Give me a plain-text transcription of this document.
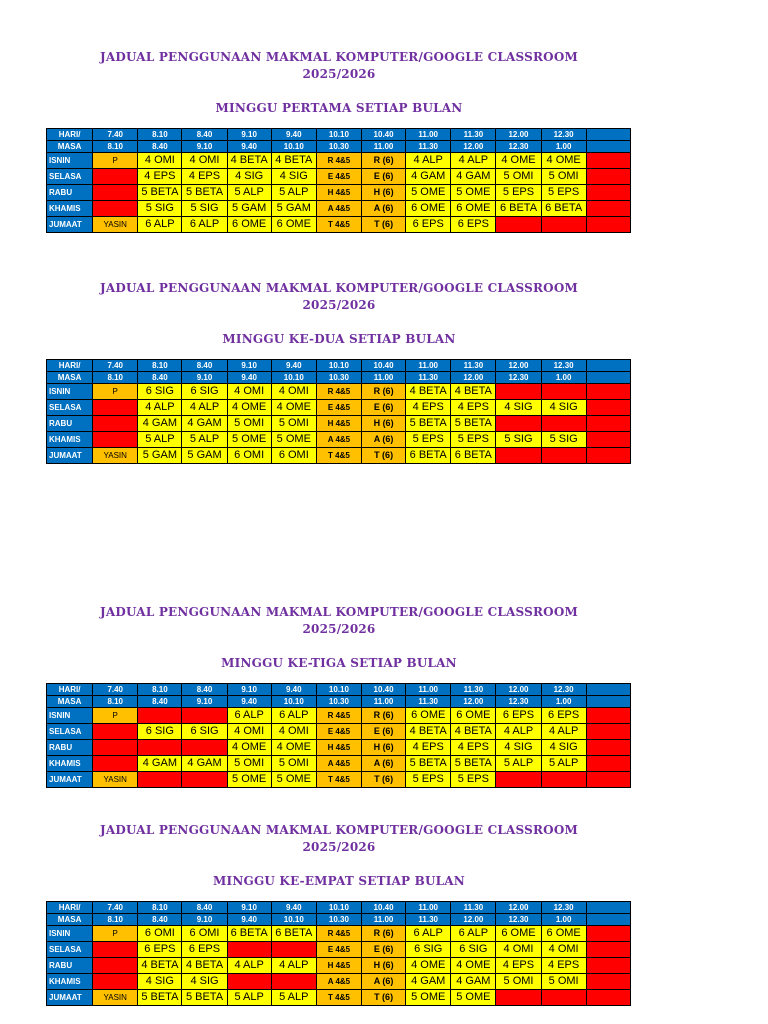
JADUAL PENGGUNAAN MAKMAL KOMPUTER/GOOGLE CLASSROOM
2025/2026
MINGGU PERTAMA SETIAP BULAN
HARI/	7.40	8.10	8.40	9.10	9.40	10.10	10.40	11.00	11.30	12.00	12.30	
MASA	8.10	8.40	9.10	9.40	10.10	10.30	11.00	11.30	12.00	12.30	1.00	
ISNIN	P	4 OMI	4 OMI	4 BETA	4 BETA	R 4&5	R (6)	4 ALP	4 ALP	4 OME	4 OME	
SELASA		4 EPS	4 EPS	4 SIG	4 SIG	E 4&5	E (6)	4 GAM	4 GAM	5 OMI	5 OMI	
RABU		5 BETA	5 BETA	5 ALP	5 ALP	H 4&5	H (6)	5 OME	5 OME	5 EPS	5 EPS	
KHAMIS		5 SIG	5 SIG	5 GAM	5 GAM	A 4&5	A (6)	6 OME	6 OME	6 BETA	6 BETA	
JUMAAT	YASIN	6 ALP	6 ALP	6 OME	6 OME	T 4&5	T (6)	6 EPS	6 EPS			
JADUAL PENGGUNAAN MAKMAL KOMPUTER/GOOGLE CLASSROOM
2025/2026
MINGGU KE-DUA SETIAP BULAN
HARI/	7.40	8.10	8.40	9.10	9.40	10.10	10.40	11.00	11.30	12.00	12.30	
MASA	8.10	8.40	9.10	9.40	10.10	10.30	11.00	11.30	12.00	12.30	1.00	
ISNIN	P	6 SIG	6 SIG	4 OMI	4 OMI	R 4&5	R (6)	4 BETA	4 BETA			
SELASA		4 ALP	4 ALP	4 OME	4 OME	E 4&5	E (6)	4 EPS	4 EPS	4 SIG	4 SIG	
RABU		4 GAM	4 GAM	5 OMI	5 OMI	H 4&5	H (6)	5 BETA	5 BETA			
KHAMIS		5 ALP	5 ALP	5 OME	5 OME	A 4&5	A (6)	5 EPS	5 EPS	5 SIG	5 SIG	
JUMAAT	YASIN	5 GAM	5 GAM	6 OMI	6 OMI	T 4&5	T (6)	6 BETA	6 BETA			
JADUAL PENGGUNAAN MAKMAL KOMPUTER/GOOGLE CLASSROOM
2025/2026
MINGGU KE-TIGA SETIAP BULAN
HARI/	7.40	8.10	8.40	9.10	9.40	10.10	10.40	11.00	11.30	12.00	12.30	
MASA	8.10	8.40	9.10	9.40	10.10	10.30	11.00	11.30	12.00	12.30	1.00	
ISNIN	P			6 ALP	6 ALP	R 4&5	R (6)	6 OME	6 OME	6 EPS	6 EPS	
SELASA		6 SIG	6 SIG	4 OMI	4 OMI	E 4&5	E (6)	4 BETA	4 BETA	4 ALP	4 ALP	
RABU				4 OME	4 OME	H 4&5	H (6)	4 EPS	4 EPS	4 SIG	4 SIG	
KHAMIS		4 GAM	4 GAM	5 OMI	5 OMI	A 4&5	A (6)	5 BETA	5 BETA	5 ALP	5 ALP	
JUMAAT	YASIN			5 OME	5 OME	T 4&5	T (6)	5 EPS	5 EPS			
JADUAL PENGGUNAAN MAKMAL KOMPUTER/GOOGLE CLASSROOM
2025/2026
MINGGU KE-EMPAT SETIAP BULAN
HARI/	7.40	8.10	8.40	9.10	9.40	10.10	10.40	11.00	11.30	12.00	12.30	
MASA	8.10	8.40	9.10	9.40	10.10	10.30	11.00	11.30	12.00	12.30	1.00	
ISNIN	P	6 OMI	6 OMI	6 BETA	6 BETA	R 4&5	R (6)	6 ALP	6 ALP	6 OME	6 OME	
SELASA		6 EPS	6 EPS			E 4&5	E (6)	6 SIG	6 SIG	4 OMI	4 OMI	
RABU		4 BETA	4 BETA	4 ALP	4 ALP	H 4&5	H (6)	4 OME	4 OME	4 EPS	4 EPS	
KHAMIS		4 SIG	4 SIG			A 4&5	A (6)	4 GAM	4 GAM	5 OMI	5 OMI	
JUMAAT	YASIN	5 BETA	5 BETA	5 ALP	5 ALP	T 4&5	T (6)	5 OME	5 OME			
